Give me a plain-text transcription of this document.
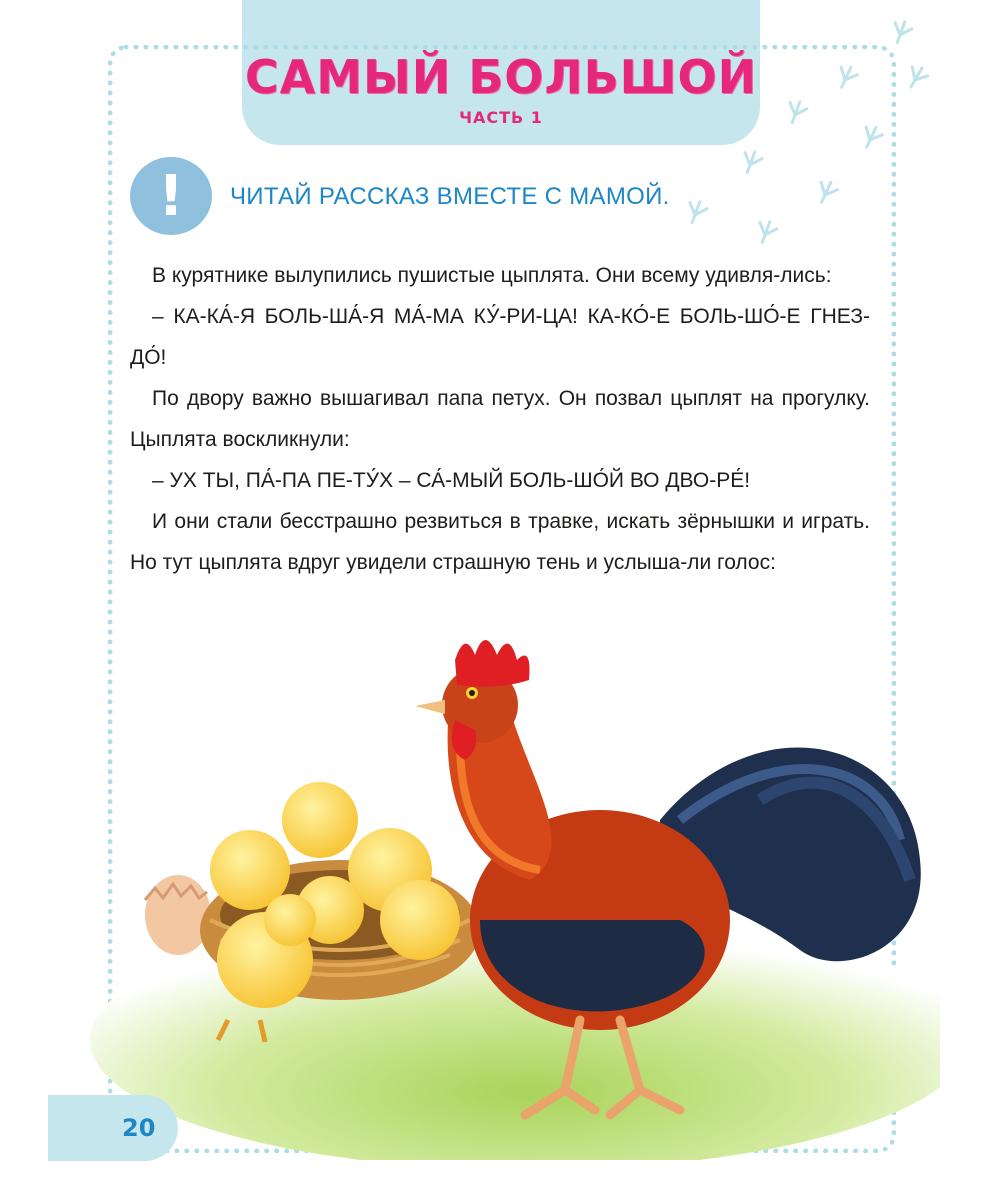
САМЫЙ БОЛЬШОЙ
ЧАСТЬ 1
!	ЧИТАЙ РАССКАЗ ВМЕСТЕ С МАМОЙ.

В курятнике вылупились пушистые цыплята. Они всему удивля-лись:

– КА-КА́-Я БОЛЬ-ША́-Я МА́-МА КУ́-РИ-ЦА! КА-КО́-Е БОЛЬ-ШО́-Е ГНЕЗ-ДО́!

По двору важно вышагивал папа петух. Он позвал цыплят на прогулку. Цыплята воскликнули:

– УХ ТЫ, ПА́-ПА ПЕ-ТУ́Х – СА́-МЫЙ БОЛЬ-ШО́Й ВО ДВО-РЕ́!

И они стали бесстрашно резвиться в травке, искать зёрнышки и играть. Но тут цыплята вдруг увидели страшную тень и услыша-ли голос:

20
